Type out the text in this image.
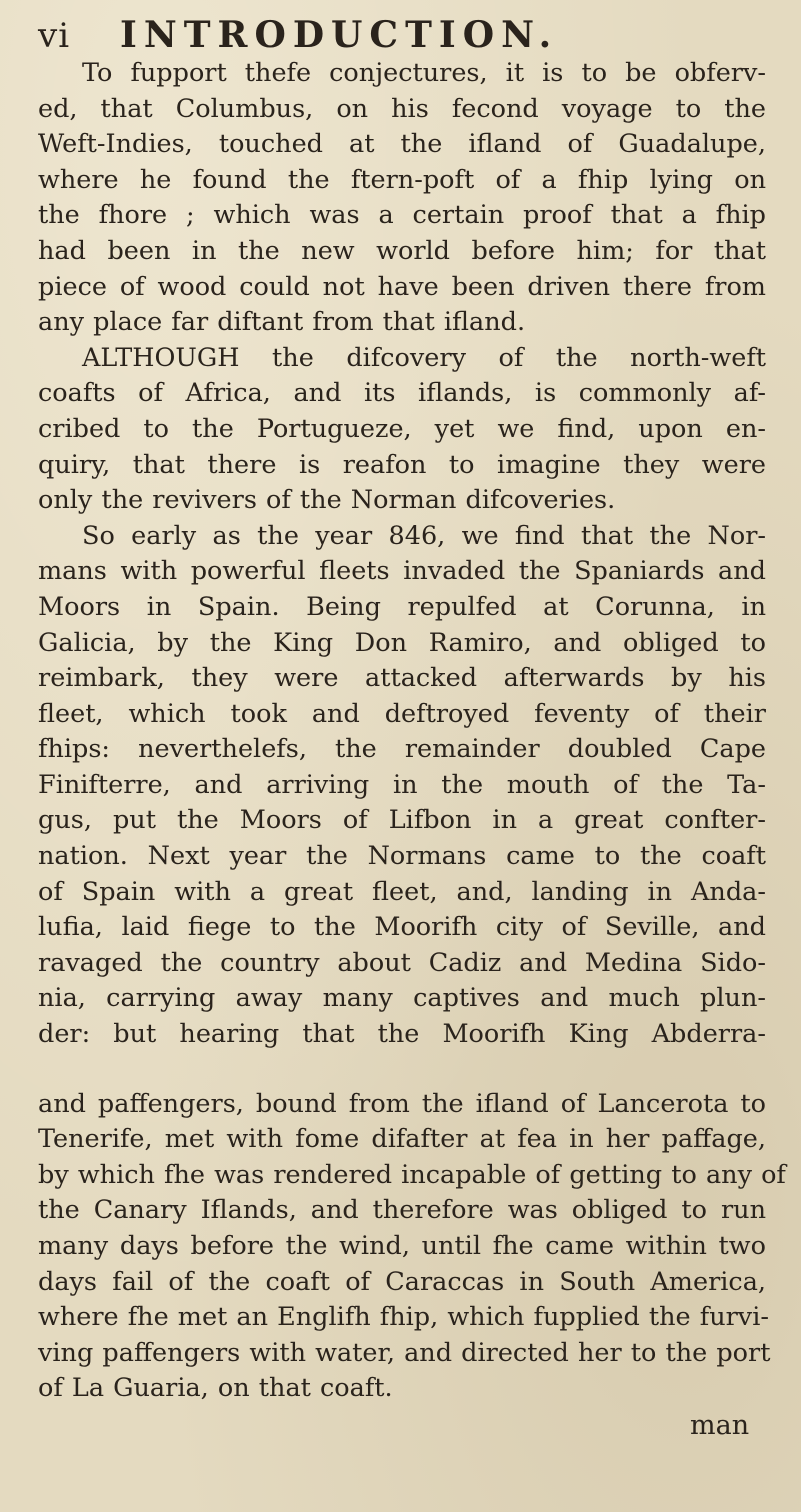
vi INTRODUCTION.
To fupport thefe conjectures, it is to be obferv-
ed, that Columbus, on his fecond voyage to the
Weft-Indies, touched at the ifland of Guadalupe,
where he found the ftern-poft of a fhip lying on
the fhore ; which was a certain proof that a fhip
had been in the new world before him; for that
piece of wood could not have been driven there from
any place far diftant from that ifland.
ALTHOUGH the difcovery of the north-weft
coafts of Africa, and its iflands, is commonly af-
cribed to the Portugueze, yet we find, upon en-
quiry, that there is reafon to imagine they were
only the revivers of the Norman difcoveries.
So early as the year 846, we find that the Nor-
mans with powerful fleets invaded the Spaniards and
Moors in Spain. Being repulfed at Corunna, in
Galicia, by the King Don Ramiro, and obliged to
reimbark, they were attacked afterwards by his
fleet, which took and deftroyed feventy of their
fhips: neverthelefs, the remainder doubled Cape
Finifterre, and arriving in the mouth of the Ta-
gus, put the Moors of Lifbon in a great confter-
nation. Next year the Normans came to the coaft
of Spain with a great fleet, and, landing in Anda-
lufia, laid fiege to the Moorifh city of Seville, and
ravaged the country about Cadiz and Medina Sido-
nia, carrying away many captives and much plun-
der: but hearing that the Moorifh King Abderra-
and paffengers, bound from the ifland of Lancerota to
Tenerife, met with fome difafter at fea in her paffage,
by which fhe was rendered incapable of getting to any of
the Canary Iflands, and therefore was obliged to run
many days before the wind, until fhe came within two
days fail of the coaft of Caraccas in South America,
where fhe met an Englifh fhip, which fupplied the furvi-
ving paffengers with water, and directed her to the port
of La Guaria, on that coaft.
man
